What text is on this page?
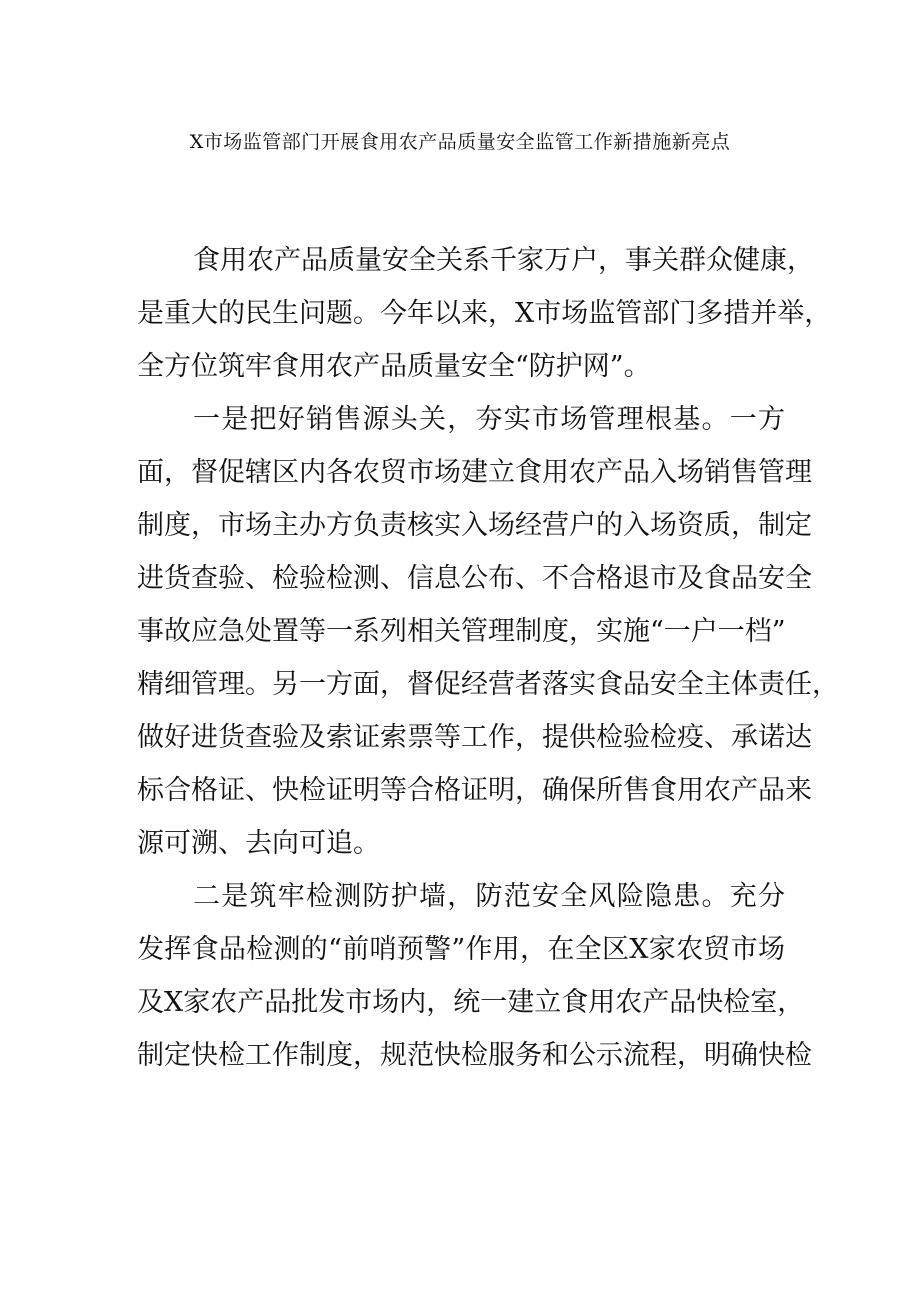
X市场监管部门开展食用农产品质量安全监管工作新措施新亮点
食用农产品质量安全关系千家万户，事关群众健康，
是重大的民生问题。今年以来，X市场监管部门多措并举，
全方位筑牢食用农产品质量安全“防护网”。
一是把好销售源头关，夯实市场管理根基。一方
面，督促辖区内各农贸市场建立食用农产品入场销售管理
制度，市场主办方负责核实入场经营户的入场资质，制定
进货查验、检验检测、信息公布、不合格退市及食品安全
事故应急处置等一系列相关管理制度，实施“一户一档”
精细管理。另一方面，督促经营者落实食品安全主体责任，
做好进货查验及索证索票等工作，提供检验检疫、承诺达
标合格证、快检证明等合格证明，确保所售食用农产品来
源可溯、去向可追。
二是筑牢检测防护墙，防范安全风险隐患。充分
发挥食品检测的“前哨预警”作用，在全区X家农贸市场
及X家农产品批发市场内，统一建立食用农产品快检室，
制定快检工作制度，规范快检服务和公示流程，明确快检
